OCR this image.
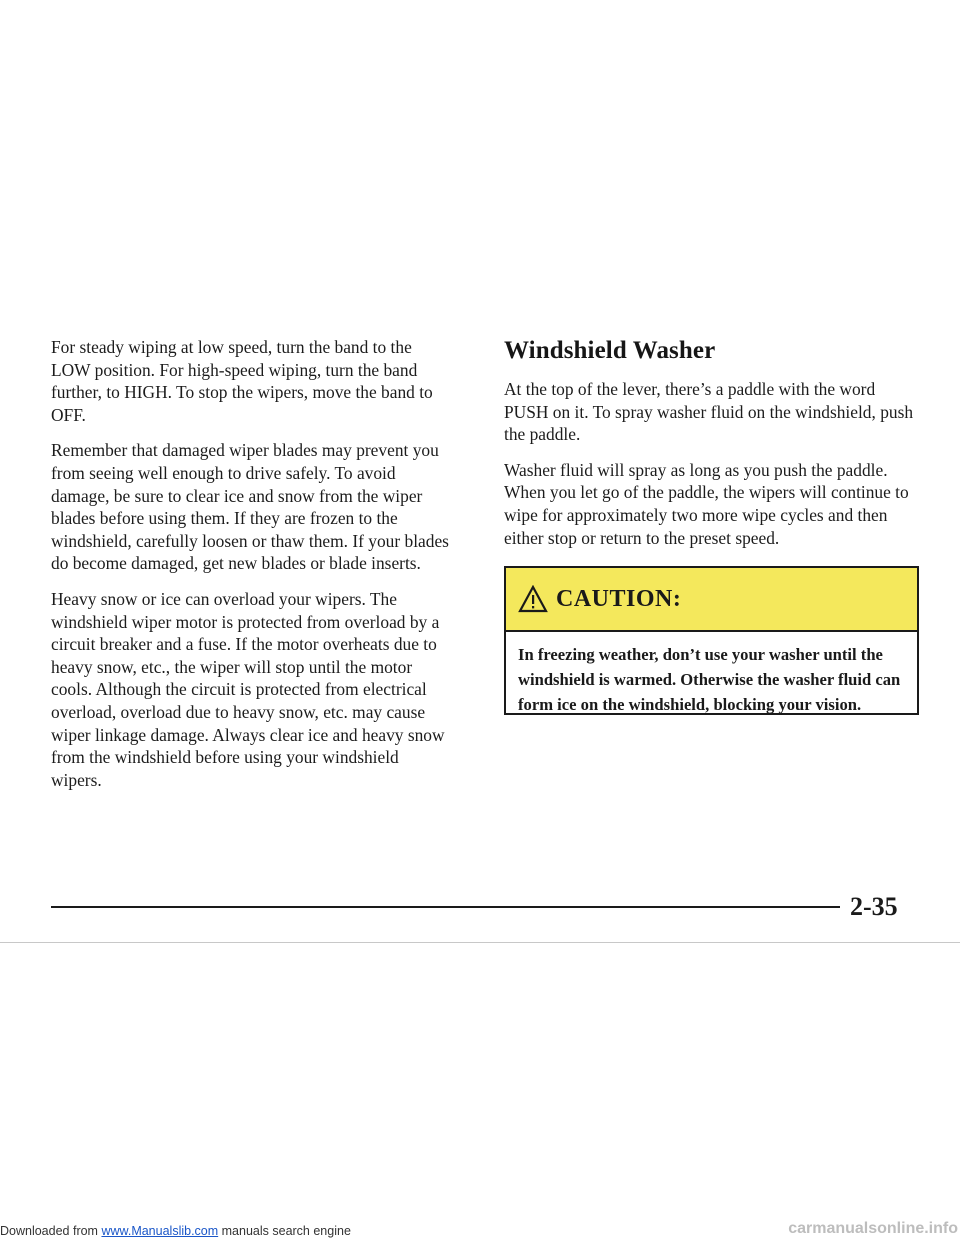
For steady wiping at low speed, turn the band to the LOW position. For high-speed wiping, turn the band further, to HIGH. To stop the wipers, move the band to OFF.

Remember that damaged wiper blades may prevent you from seeing well enough to drive safely. To avoid damage, be sure to clear ice and snow from the wiper blades before using them. If they are frozen to the windshield, carefully loosen or thaw them. If your blades do become damaged, get new blades or blade inserts.

Heavy snow or ice can overload your wipers. The windshield wiper motor is protected from overload by a circuit breaker and a fuse. If the motor overheats due to heavy snow, etc., the wiper will stop until the motor cools. Although the circuit is protected from electrical overload, overload due to heavy snow, etc. may cause wiper linkage damage. Always clear ice and heavy snow from the windshield before using your windshield wipers.

Windshield Washer

At the top of the lever, there’s a paddle with the word PUSH on it. To spray washer fluid on the windshield, push the paddle.

Washer fluid will spray as long as you push the paddle. When you let go of the paddle, the wipers will continue to wipe for approximately two more wipe cycles and then either stop or return to the preset speed.

CAUTION:
In freezing weather, don’t use your washer until the windshield is warmed. Otherwise the washer fluid can form ice on the windshield, blocking your vision.
2-35
Downloaded from www.Manualslib.com manuals search engine	carmanualsonline.info
